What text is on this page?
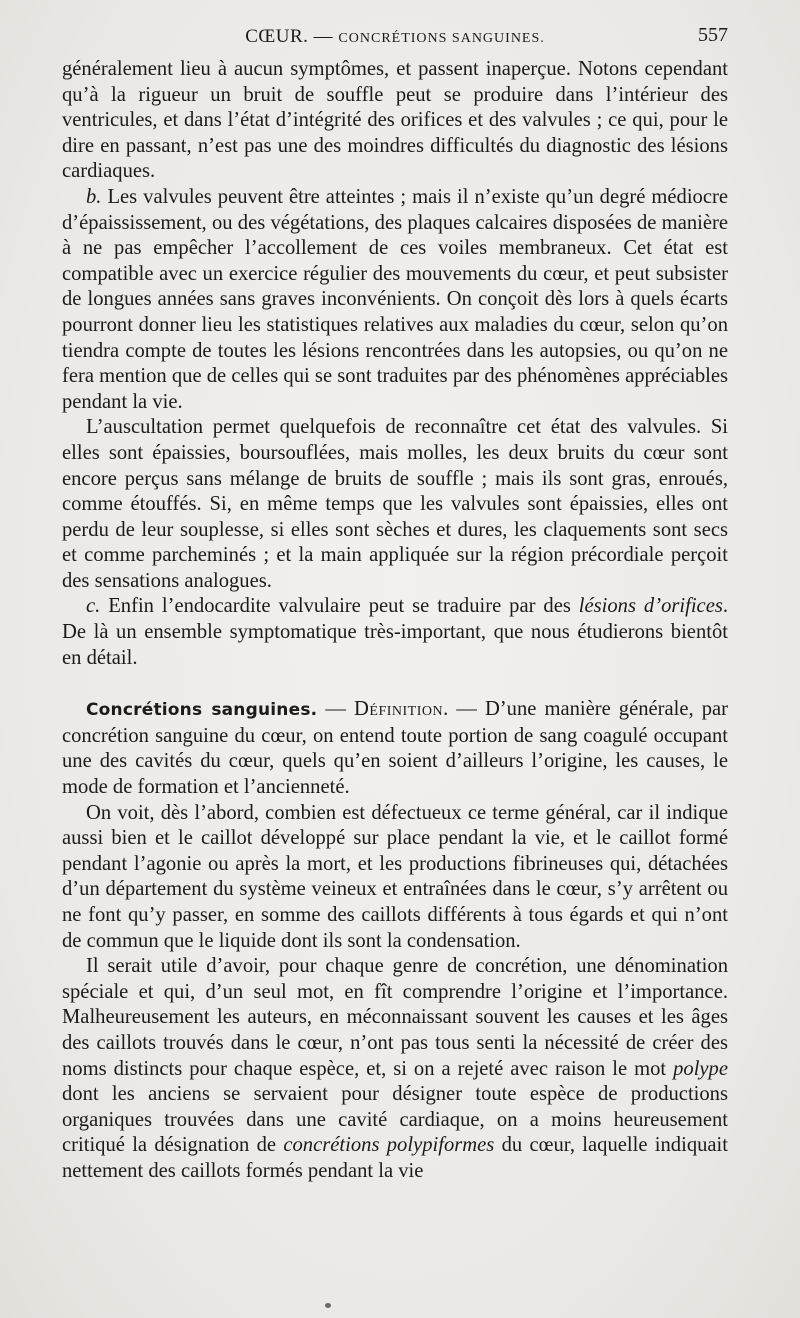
CŒUR. — CONCRÉTIONS SANGUINES.	557

généralement lieu à aucun symptômes, et passent inaperçue. Notons cependant qu’à la rigueur un bruit de souffle peut se produire dans l’intérieur des ventricules, et dans l’état d’intégrité des orifices et des valvules ; ce qui, pour le dire en passant, n’est pas une des moindres difficultés du diagnostic des lésions cardiaques.

b. Les valvules peuvent être atteintes ; mais il n’existe qu’un degré médiocre d’épaississement, ou des végétations, des plaques calcaires disposées de manière à ne pas empêcher l’accollement de ces voiles membraneux. Cet état est compatible avec un exercice régulier des mouvements du cœur, et peut subsister de longues années sans graves inconvénients. On conçoit dès lors à quels écarts pourront donner lieu les statistiques relatives aux maladies du cœur, selon qu’on tiendra compte de toutes les lésions rencontrées dans les autopsies, ou qu’on ne fera mention que de celles qui se sont traduites par des phénomènes appréciables pendant la vie.

L’auscultation permet quelquefois de reconnaître cet état des valvules. Si elles sont épaissies, boursouflées, mais molles, les deux bruits du cœur sont encore perçus sans mélange de bruits de souffle ; mais ils sont gras, enroués, comme étouffés. Si, en même temps que les valvules sont épaissies, elles ont perdu de leur souplesse, si elles sont sèches et dures, les claquements sont secs et comme parcheminés ; et la main appliquée sur la région précordiale perçoit des sensations analogues.

c. Enfin l’endocardite valvulaire peut se traduire par des lésions d’orifices. De là un ensemble symptomatique très-important, que nous étudierons bientôt en détail.

Concrétions sanguines. — Définition. — D’une manière générale, par concrétion sanguine du cœur, on entend toute portion de sang coagulé occupant une des cavités du cœur, quels qu’en soient d’ailleurs l’origine, les causes, le mode de formation et l’ancienneté.

On voit, dès l’abord, combien est défectueux ce terme général, car il indique aussi bien et le caillot développé sur place pendant la vie, et le caillot formé pendant l’agonie ou après la mort, et les productions fibrineuses qui, détachées d’un département du système veineux et entraînées dans le cœur, s’y arrêtent ou ne font qu’y passer, en somme des caillots différents à tous égards et qui n’ont de commun que le liquide dont ils sont la condensation.

Il serait utile d’avoir, pour chaque genre de concrétion, une dénomination spéciale et qui, d’un seul mot, en fît comprendre l’origine et l’importance. Malheureusement les auteurs, en méconnaissant souvent les causes et les âges des caillots trouvés dans le cœur, n’ont pas tous senti la nécessité de créer des noms distincts pour chaque espèce, et, si on a rejeté avec raison le mot polype dont les anciens se servaient pour désigner toute espèce de productions organiques trouvées dans une cavité cardiaque, on a moins heureusement critiqué la désignation de concrétions polypiformes du cœur, laquelle indiquait nettement des caillots formés pendant la vie
